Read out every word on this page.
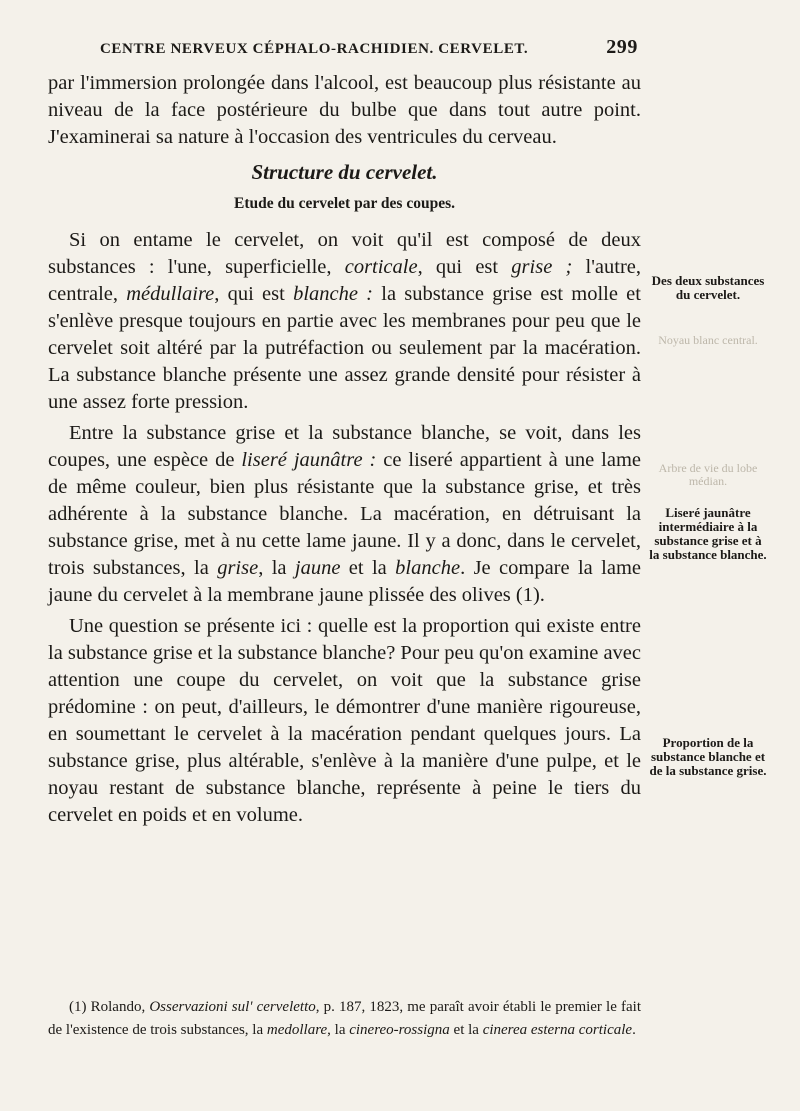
CENTRE NERVEUX CÉPHALO-RACHIDIEN. CERVELET.	299

par l'immersion prolongée dans l'alcool, est beaucoup plus résistante au niveau de la face postérieure du bulbe que dans tout autre point. J'examinerai sa nature à l'occasion des ventricules du cerveau.

Structure du cervelet.

Etude du cervelet par des coupes.

Si on entame le cervelet, on voit qu'il est composé de deux substances : l'une, superficielle, corticale, qui est grise ; l'autre, centrale, médullaire, qui est blanche : la substance grise est molle et s'enlève presque toujours en partie avec les membranes pour peu que le cervelet soit altéré par la putréfaction ou seulement par la macération. La substance blanche présente une assez grande densité pour résister à une assez forte pression.

Entre la substance grise et la substance blanche, se voit, dans les coupes, une espèce de liseré jaunâtre : ce liseré appartient à une lame de même couleur, bien plus résistante que la substance grise, et très adhérente à la substance blanche. La macération, en détruisant la substance grise, met à nu cette lame jaune. Il y a donc, dans le cervelet, trois substances, la grise, la jaune et la blanche. Je compare la lame jaune du cervelet à la membrane jaune plissée des olives (1).

Une question se présente ici : quelle est la proportion qui existe entre la substance grise et la substance blanche? Pour peu qu'on examine avec attention une coupe du cervelet, on voit que la substance grise prédomine : on peut, d'ailleurs, le démontrer d'une manière rigoureuse, en soumettant le cervelet à la macération pendant quelques jours. La substance grise, plus altérable, s'enlève à la manière d'une pulpe, et le noyau restant de substance blanche, représente à peine le tiers du cervelet en poids et en volume.

(1) Rolando, Osservazioni sul' cerveletto, p. 187, 1823, me paraît avoir établi le premier le fait de l'existence de trois substances, la medollare, la cinereo-rossigna et la cinerea esterna corticale.

Des deux substances du cervelet.
Noyau blanc central.
Arbre de vie du lobe médian.
Liseré jaunâtre intermédiaire à la substance grise et à la substance blanche.
Proportion de la substance blanche et de la substance grise.
